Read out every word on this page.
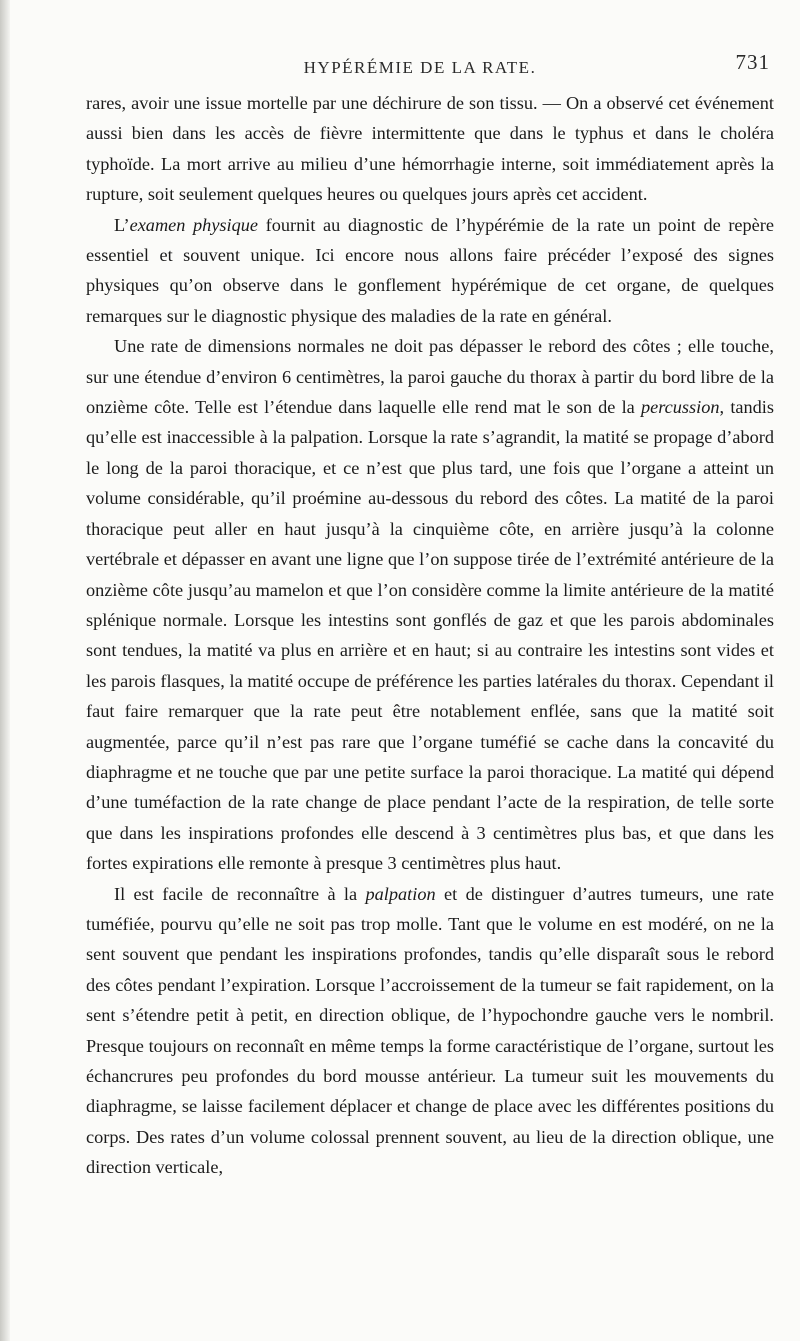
HYPÉRÉMIE DE LA RATE.	731

rares, avoir une issue mortelle par une déchirure de son tissu. — On a observé cet événement aussi bien dans les accès de fièvre intermittente que dans le typhus et dans le choléra typhoïde. La mort arrive au milieu d’une hémorrhagie interne, soit immédiatement après la rupture, soit seulement quelques heures ou quelques jours après cet accident.

L’examen physique fournit au diagnostic de l’hypérémie de la rate un point de repère essentiel et souvent unique. Ici encore nous allons faire précéder l’exposé des signes physiques qu’on observe dans le gonflement hypérémique de cet organe, de quelques remarques sur le diagnostic physique des maladies de la rate en général.

Une rate de dimensions normales ne doit pas dépasser le rebord des côtes ; elle touche, sur une étendue d’environ 6 centimètres, la paroi gauche du thorax à partir du bord libre de la onzième côte. Telle est l’étendue dans laquelle elle rend mat le son de la percussion, tandis qu’elle est inaccessible à la palpation. Lorsque la rate s’agrandit, la matité se propage d’abord le long de la paroi thoracique, et ce n’est que plus tard, une fois que l’organe a atteint un volume considérable, qu’il proémine au-dessous du rebord des côtes. La matité de la paroi thoracique peut aller en haut jusqu’à la cinquième côte, en arrière jusqu’à la colonne vertébrale et dépasser en avant une ligne que l’on suppose tirée de l’extrémité antérieure de la onzième côte jusqu’au mamelon et que l’on considère comme la limite antérieure de la matité splénique normale. Lorsque les intestins sont gonflés de gaz et que les parois abdominales sont tendues, la matité va plus en arrière et en haut; si au contraire les intestins sont vides et les parois flasques, la matité occupe de préférence les parties latérales du thorax. Cependant il faut faire remarquer que la rate peut être notablement enflée, sans que la matité soit augmentée, parce qu’il n’est pas rare que l’organe tuméfié se cache dans la concavité du diaphragme et ne touche que par une petite surface la paroi thoracique. La matité qui dépend d’une tuméfaction de la rate change de place pendant l’acte de la respiration, de telle sorte que dans les inspirations profondes elle descend à 3 centimètres plus bas, et que dans les fortes expirations elle remonte à presque 3 centimètres plus haut.

Il est facile de reconnaître à la palpation et de distinguer d’autres tumeurs, une rate tuméfiée, pourvu qu’elle ne soit pas trop molle. Tant que le volume en est modéré, on ne la sent souvent que pendant les inspirations profondes, tandis qu’elle disparaît sous le rebord des côtes pendant l’expiration. Lorsque l’accroissement de la tumeur se fait rapidement, on la sent s’étendre petit à petit, en direction oblique, de l’hypochondre gauche vers le nombril. Presque toujours on reconnaît en même temps la forme caractéristique de l’organe, surtout les échancrures peu profondes du bord mousse antérieur. La tumeur suit les mouvements du diaphragme, se laisse facilement déplacer et change de place avec les différentes positions du corps. Des rates d’un volume colossal prennent souvent, au lieu de la direction oblique, une direction verticale,
